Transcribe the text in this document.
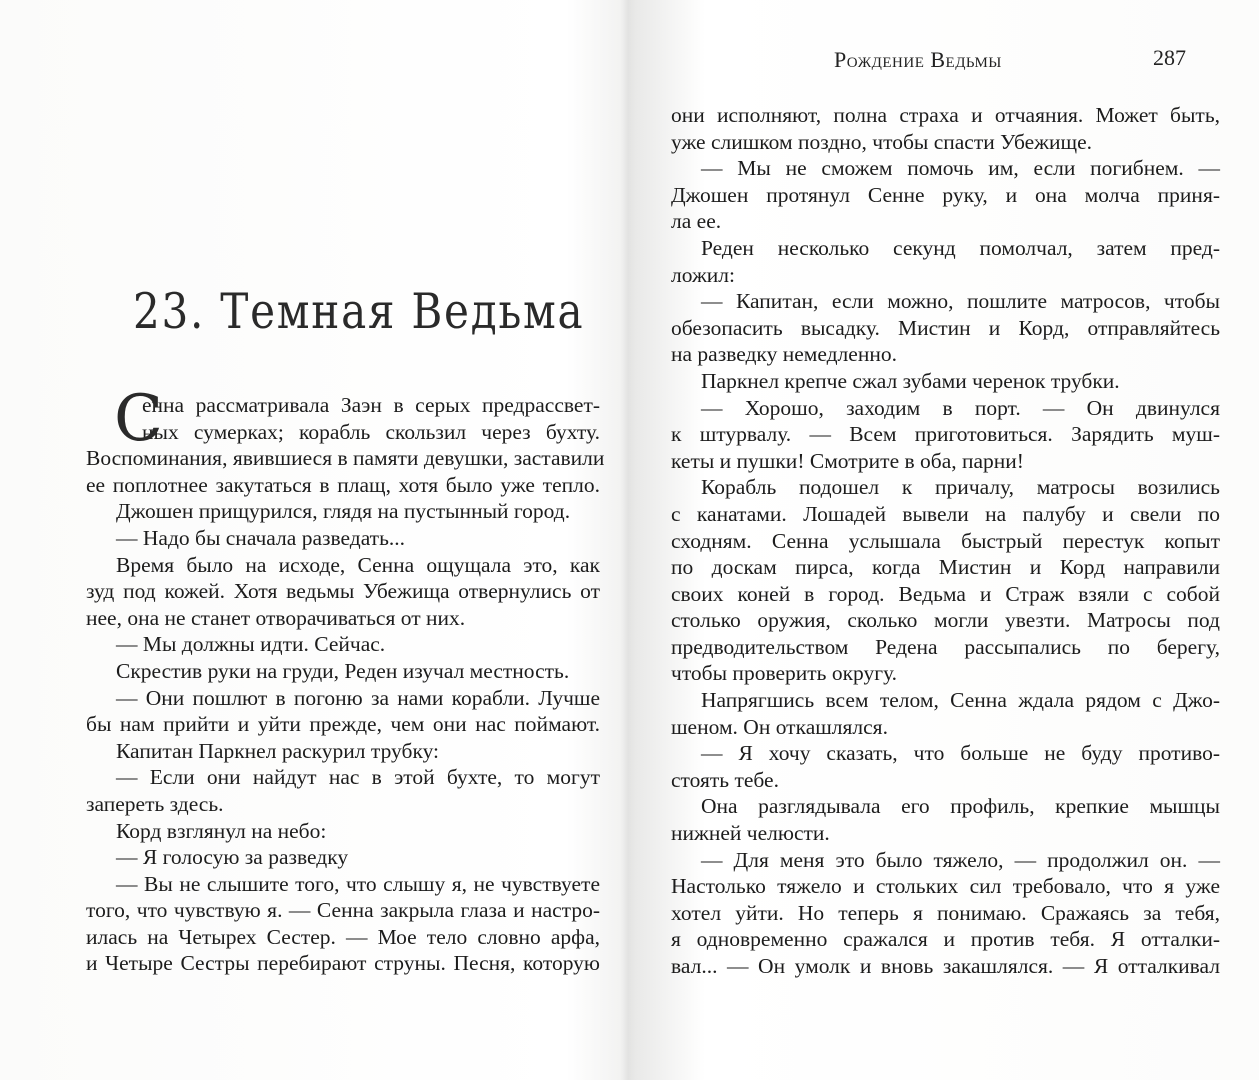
23. Темная Ведьма
С
енна рассматривала Заэн в серых предрассвет-
ных сумерках; корабль скользил через бухту.
Воспоминания, явившиеся в памяти девушки, заставили
ее поплотнее закутаться в плащ, хотя было уже тепло.
Джошен прищурился, глядя на пустынный город.
— Надо бы сначала разведать...
Время было на исходе, Сенна ощущала это, как
зуд под кожей. Хотя ведьмы Убежища отвернулись от
нее, она не станет отворачиваться от них.
— Мы должны идти. Сейчас.
Скрестив руки на груди, Реден изучал местность.
— Они пошлют в погоню за нами корабли. Лучше
бы нам прийти и уйти прежде, чем они нас поймают.
Капитан Паркнел раскурил трубку:
— Если они найдут нас в этой бухте, то могут
запереть здесь.
Корд взглянул на небо:
— Я голосую за разведку
— Вы не слышите того, что слышу я, не чувствуете
того, что чувствую я. — Сенна закрыла глаза и настро-
илась на Четырех Сестер. — Мое тело словно арфа,
и Четыре Сестры перебирают струны. Песня, которую
Рождение Ведьмы	287
они исполняют, полна страха и отчаяния. Может быть,
уже слишком поздно, чтобы спасти Убежище.
— Мы не сможем помочь им, если погибнем. —
Джошен протянул Сенне руку, и она молча приня-
ла ее.
Реден несколько секунд помолчал, затем пред-
ложил:
— Капитан, если можно, пошлите матросов, чтобы
обезопасить высадку. Мистин и Корд, отправляйтесь
на разведку немедленно.
Паркнел крепче сжал зубами черенок трубки.
— Хорошо, заходим в порт. — Он двинулся
к штурвалу. — Всем приготовиться. Зарядить муш-
кеты и пушки! Смотрите в оба, парни!
Корабль подошел к причалу, матросы возились
с канатами. Лошадей вывели на палубу и свели по
сходням. Сенна услышала быстрый перестук копыт
по доскам пирса, когда Мистин и Корд направили
своих коней в город. Ведьма и Страж взяли с собой
столько оружия, сколько могли увезти. Матросы под
предводительством Редена рассыпались по берегу,
чтобы проверить округу.
Напрягшись всем телом, Сенна ждала рядом с Джо-
шеном. Он откашлялся.
— Я хочу сказать, что больше не буду противо-
стоять тебе.
Она разглядывала его профиль, крепкие мышцы
нижней челюсти.
— Для меня это было тяжело, — продолжил он. —
Настолько тяжело и стольких сил требовало, что я уже
хотел уйти. Но теперь я понимаю. Сражаясь за тебя,
я одновременно сражался и против тебя. Я отталки-
вал... — Он умолк и вновь закашлялся. — Я отталкивал
